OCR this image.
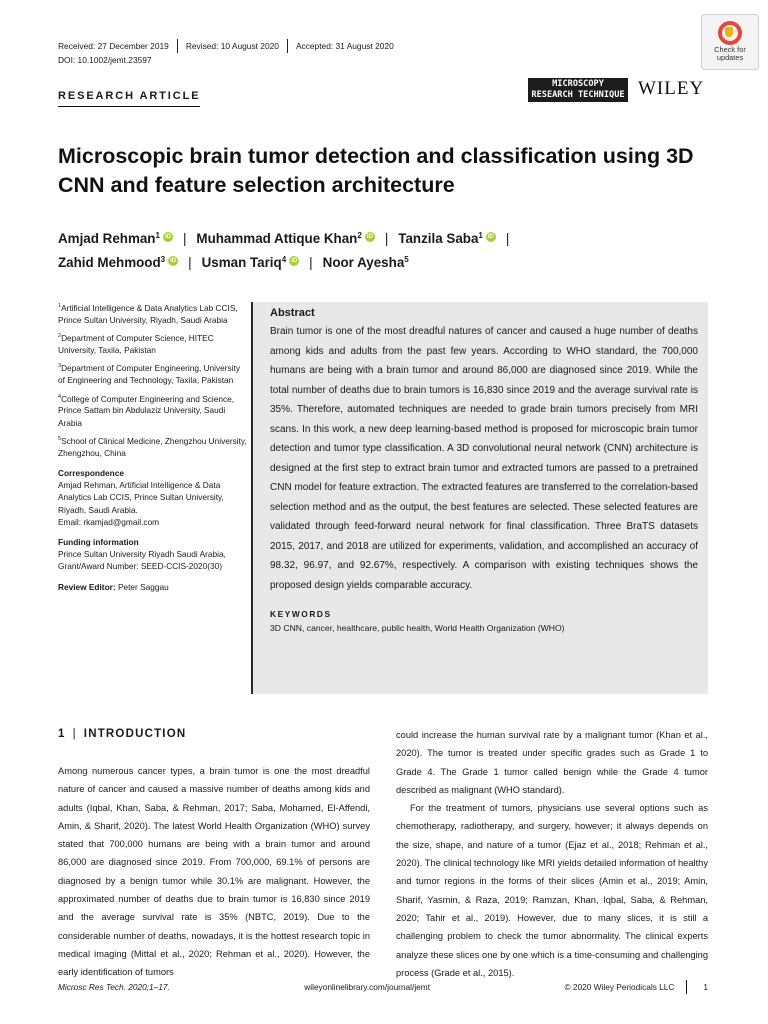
Received: 27 December 2019 Revised: 10 August 2020 Accepted: 31 August 2020
DOI: 10.1002/jemt.23597
Check for
updates
RESEARCH ARTICLE
MICROSCOPY
RESEARCH TECHNIQUE WILEY
Microscopic brain tumor detection and classification using 3D CNN and feature selection architecture
Amjad Rehman$^1$ iD | Muhammad Attique Khan$^2$ iD | Tanzila Saba$^1$ iD |
Zahid Mehmood$^3$ iD | Usman Tariq$^4$ iD | Noor Ayesha$^5$
$^1$Artificial Intelligence & Data Analytics Lab CCIS, Prince Sultan University, Riyadh, Saudi Arabia
$^2$Department of Computer Science, HITEC University, Taxila, Pakistan
$^3$Department of Computer Engineering, University of Engineering and Technology, Taxila, Pakistan
$^4$College of Computer Engineering and Science, Prince Sattam bin Abdulaziz University, Saudi Arabia
$^5$School of Clinical Medicine, Zhengzhou University, Zhengzhou, China
Correspondence
Amjad Rehman, Artificial Intelligence & Data Analytics Lab CCIS, Prince Sultan University, Riyadh, Saudi Arabia.
Email: rkamjad@gmail.com
Funding information
Prince Sultan University Riyadh Saudi Arabia, Grant/Award Number: SEED-CCIS-2020(30)
Review Editor: Peter Saggau
Abstract

Brain tumor is one of the most dreadful natures of cancer and caused a huge number of deaths among kids and adults from the past few years. According to WHO standard, the 700,000 humans are being with a brain tumor and around 86,000 are diagnosed since 2019. While the total number of deaths due to brain tumors is 16,830 since 2019 and the average survival rate is 35%. Therefore, automated techniques are needed to grade brain tumors precisely from MRI scans. In this work, a new deep learning-based method is proposed for microscopic brain tumor detection and tumor type classification. A 3D convolutional neural network (CNN) architecture is designed at the first step to extract brain tumor and extracted tumors are passed to a pretrained CNN model for feature extraction. The extracted features are transferred to the correlation-based selection method and as the output, the best features are selected. These selected features are validated through feed-forward neural network for final classification. Three BraTS datasets 2015, 2017, and 2018 are utilized for experiments, validation, and accomplished an accuracy of 98.32, 96.97, and 92.67%, respectively. A comparison with existing techniques shows the proposed design yields comparable accuracy.

KEYWORDS
3D CNN, cancer, healthcare, public health, World Health Organization (WHO)
1 | INTRODUCTION

Among numerous cancer types, a brain tumor is one the most dreadful nature of cancer and caused a massive number of deaths among kids and adults (Iqbal, Khan, Saba, & Rehman, 2017; Saba, Mohamed, El-Affendi, Amin, & Sharif, 2020). The latest World Health Organization (WHO) survey stated that 700,000 humans are being with a brain tumor and around 86,000 are diagnosed since 2019. From 700,000, 69.1% of persons are diagnosed by a benign tumor while 30.1% are malignant. However, the approximated number of deaths due to brain tumor is 16,830 since 2019 and the average survival rate is 35% (NBTC, 2019). Due to the considerable number of deaths, nowadays, it is the hottest research topic in medical imaging (Mittal et al., 2020; Rehman et al., 2020). However, the early identification of tumors

could increase the human survival rate by a malignant tumor (Khan et al., 2020). The tumor is treated under specific grades such as Grade 1 to Grade 4. The Grade 1 tumor called benign while the Grade 4 tumor described as malignant (WHO standard).

For the treatment of tumors, physicians use several options such as chemotherapy, radiotherapy, and surgery, however; it always depends on the size, shape, and nature of a tumor (Ejaz et al., 2018; Rehman et al., 2020). The clinical technology like MRI yields detailed information of healthy and tumor regions in the forms of their slices (Amin et al., 2019; Amin, Sharif, Yasmin, & Raza, 2019; Ramzan, Khan, Iqbal, Saba, & Rehman, 2020; Tahir et al., 2019). However, due to many slices, it is still a challenging problem to check the tumor abnormality. The clinical experts analyze these slices one by one which is a time-consuming and challenging process (Grade et al., 2015).

Microsc Res Tech. 2020;1–17.	wileyonlinelibrary.com/journal/jemt	© 2020 Wiley Periodicals LLC	1
